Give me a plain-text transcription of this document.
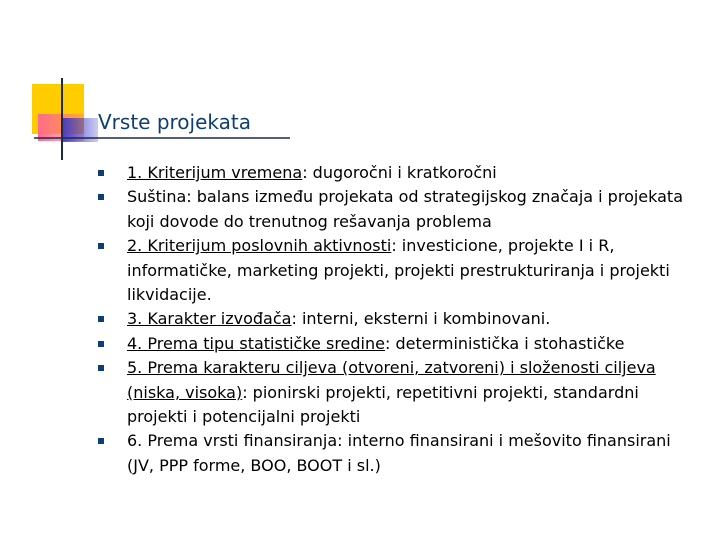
Vrste projekata
1. Kriterijum vremena: dugoročni i kratkoročni
Suština: balans između projekata od strategijskog značaja i projekata koji dovode do trenutnog rešavanja problema
2. Kriterijum poslovnih aktivnosti: investicione, projekte I i R, informatičke, marketing projekti, projekti prestrukturiranja i projekti likvidacije.
3. Karakter izvođača: interni, eksterni i kombinovani.
4. Prema tipu statističke sredine: deterministička i stohastičke
5. Prema karakteru ciljeva (otvoreni, zatvoreni) i složenosti ciljeva (niska, visoka): pionirski projekti, repetitivni projekti, standardni projekti i potencijalni projekti
6. Prema vrsti finansiranja: interno finansirani i mešovito finansirani (JV, PPP forme, BOO, BOOT i sl.)
